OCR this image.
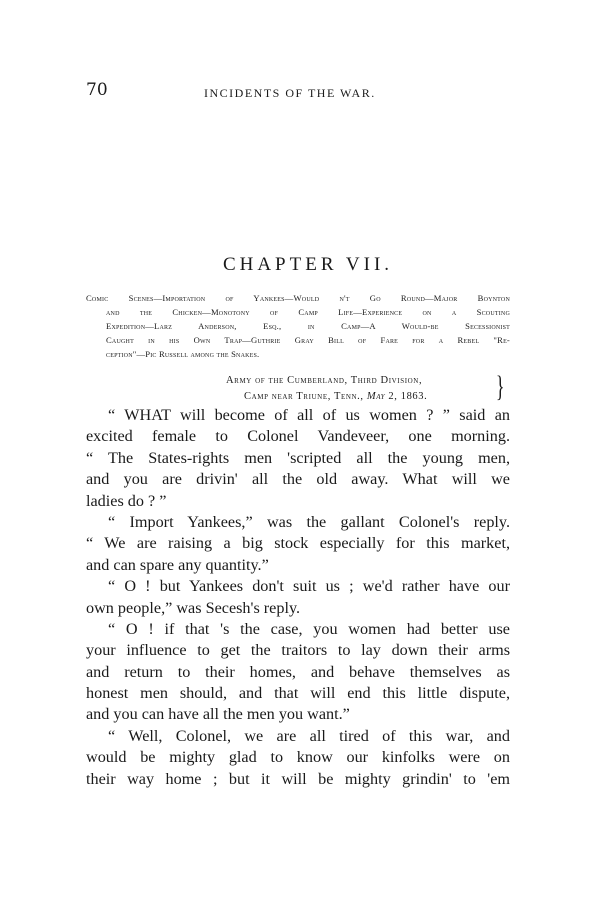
70	INCIDENTS OF THE WAR.
CHAPTER VII.
Comic Scenes—Importation of Yankees—Would n't Go Round—Major Boynton
and the Chicken—Monotony of Camp Life—Experience on a Scouting
Expedition—Larz Anderson, Esq., in Camp—A Would-be Secessionist
Caught in his Own Trap—Guthrie Gray Bill of Fare for a Rebel "Re-
ception"—Pic Russell among the Snakes.
Army of the Cumberland, Third Division,
Camp near Triune, Tenn., May 2, 1863. }
“ WHAT will become of all of us women ? ” said an
excited female to Colonel Vandeveer, one morning.
“ The States-rights men 'scripted all the young men,
and you are drivin' all the old away. What will we
ladies do ? ”
“ Import Yankees,” was the gallant Colonel's reply.
“ We are raising a big stock especially for this market,
and can spare any quantity.”
“ O ! but Yankees don't suit us ; we'd rather have our
own people,” was Secesh's reply.
“ O ! if that 's the case, you women had better use
your influence to get the traitors to lay down their arms
and return to their homes, and behave themselves as
honest men should, and that will end this little dispute,
and you can have all the men you want.”
“ Well, Colonel, we are all tired of this war, and
would be mighty glad to know our kinfolks were on
their way home ; but it will be mighty grindin' to 'em
